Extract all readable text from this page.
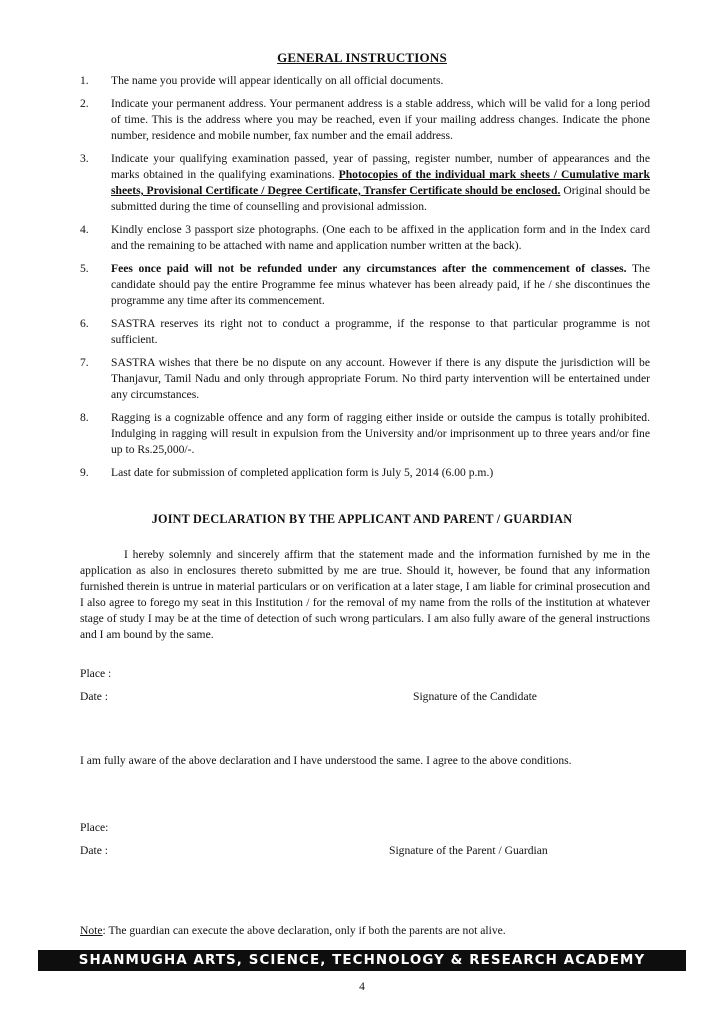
GENERAL INSTRUCTIONS
1. The name you provide will appear identically on all official documents.
2. Indicate your permanent address. Your permanent address is a stable address, which will be valid for a long period of time. This is the address where you may be reached, even if your mailing address changes. Indicate the phone number, residence and mobile number, fax number and the email address.
3. Indicate your qualifying examination passed, year of passing, register number, number of appearances and the marks obtained in the qualifying examinations. Photocopies of the individual mark sheets / Cumulative mark sheets, Provisional Certificate / Degree Certificate, Transfer Certificate should be enclosed. Original should be submitted during the time of counselling and provisional admission.
4. Kindly enclose 3 passport size photographs. (One each to be affixed in the application form and in the Index card and the remaining to be attached with name and application number written at the back).
5. Fees once paid will not be refunded under any circumstances after the commencement of classes. The candidate should pay the entire Programme fee minus whatever has been already paid, if he / she discontinues the programme any time after its commencement.
6. SASTRA reserves its right not to conduct a programme, if the response to that particular programme is not sufficient.
7. SASTRA wishes that there be no dispute on any account. However if there is any dispute the jurisdiction will be Thanjavur, Tamil Nadu and only through appropriate Forum. No third party intervention will be entertained under any circumstances.
8. Ragging is a cognizable offence and any form of ragging either inside or outside the campus is totally prohibited. Indulging in ragging will result in expulsion from the University and/or imprisonment up to three years and/or fine up to Rs.25,000/-.
9. Last date for submission of completed application form is July 5, 2014 (6.00 p.m.)
JOINT DECLARATION BY THE APPLICANT AND PARENT / GUARDIAN

I hereby solemnly and sincerely affirm that the statement made and the information furnished by me in the application as also in enclosures thereto submitted by me are true. Should it, however, be found that any information furnished therein is untrue in material particulars or on verification at a later stage, I am liable for criminal prosecution and I also agree to forego my seat in this Institution / for the removal of my name from the rolls of the institution at whatever stage of study I may be at the time of detection of such wrong particulars. I am also fully aware of the general instructions and I am bound by the same.

Place :
Date :	Signature of the Candidate
I am fully aware of the above declaration and I have understood the same. I agree to the above conditions.
Place:
Date :	Signature of the Parent / Guardian
Note: The guardian can execute the above declaration, only if both the parents are not alive.
SHANMUGHA ARTS, SCIENCE, TECHNOLOGY & RESEARCH ACADEMY
4
